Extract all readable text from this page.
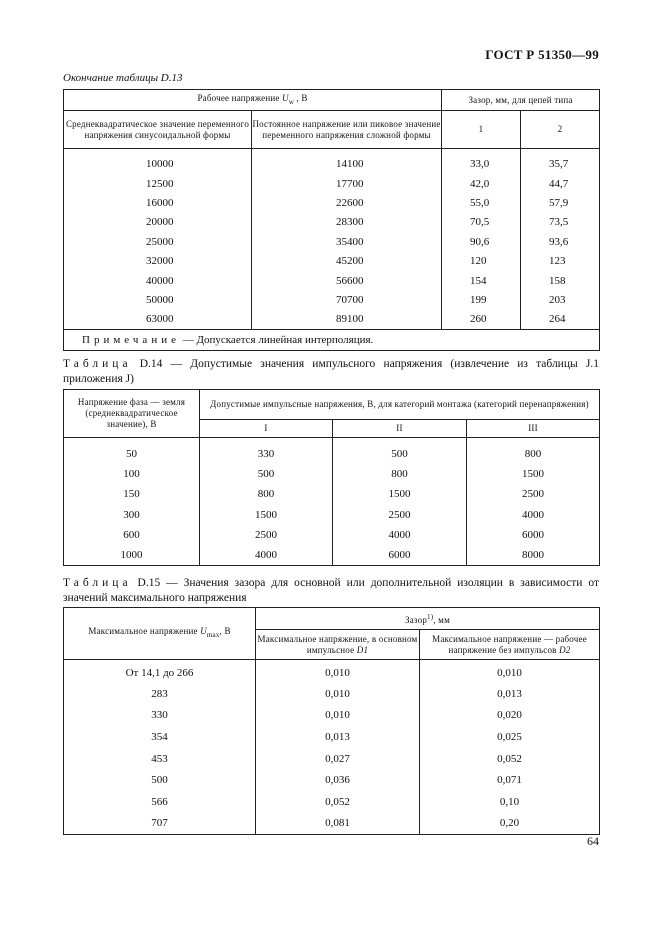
ГОСТ Р 51350—99
Окончание таблицы D.13
Рабочее напряжение $U_w$ , В		Зазор, мм, для цепей типа	
Среднеквадратическое значение переменного напряжения синусоидальной формы	Постоянное напряжение или пиковое значение переменного напряжения сложной формы	1	2
10000	14100	33,0	35,7
12500	17700	42,0	44,7
16000	22600	55,0	57,9
20000	28300	70,5	73,5
25000	35400	90,6	93,6
32000	45200	120	123
40000	56600	154	158
50000	70700	199	203
63000	89100	260	264
Примечание — Допускается линейная интерполяция.			
Таблица D.14 — Допустимые значения импульсного напряжения (извлечение из таблицы J.1 приложения J)
Напряжение фаза — земля (среднеквадратическое значение), В	Допустимые импульсные напряжения, В, для категорий монтажа (категорий перенапряжения)		
	I	II	III
50	330	500	800
100	500	800	1500
150	800	1500	2500
300	1500	2500	4000
600	2500	4000	6000
1000	4000	6000	8000
Таблица D.15 — Значения зазора для основной или дополнительной изоляции в зависимости от значений максимального напряжения
Максимальное напряжение $U_{max}$, В	Зазор$^{1)}$, мм	
	Максимальное напряжение, в основном импульсное D1	Максимальное напряжение — рабочее напряжение без импульсов D2
От 14,1 до 266	0,010	0,010
283	0,010	0,013
330	0,010	0,020
354	0,013	0,025
453	0,027	0,052
500	0,036	0,071
566	0,052	0,10
707	0,081	0,20
64
